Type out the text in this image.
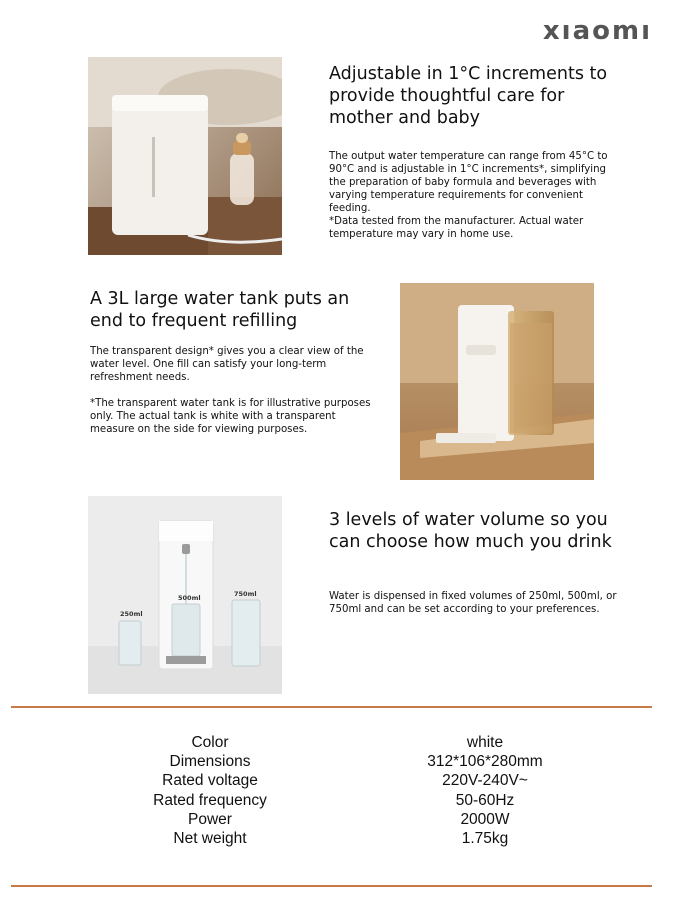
xıaomı
Adjustable in 1°C increments to provide thoughtful care for mother and baby

The output water temperature can range from 45°C to 90°C and is adjustable in 1°C increments*, simplifying the preparation of baby formula and beverages with varying temperature requirements for convenient feeding.

*Data tested from the manufacturer. Actual water temperature may vary in home use.

A 3L large water tank puts an end to frequent refilling

The transparent design* gives you a clear view of the water level. One fill can satisfy your long-term refreshment needs.

*The transparent water tank is for illustrative purposes only. The actual tank is white with a transparent measure on the side for viewing purposes.

250ml
500ml	750ml
3 levels of water volume so you can choose how much you drink

Water is dispensed in fixed volumes of 250ml, 500ml, or 750ml and can be set according to your preferences.

Color	white
Dimensions	312*106*280mm
Rated voltage	220V-240V~
Rated frequency	50-60Hz
Power	2000W
Net weight	1.75kg
